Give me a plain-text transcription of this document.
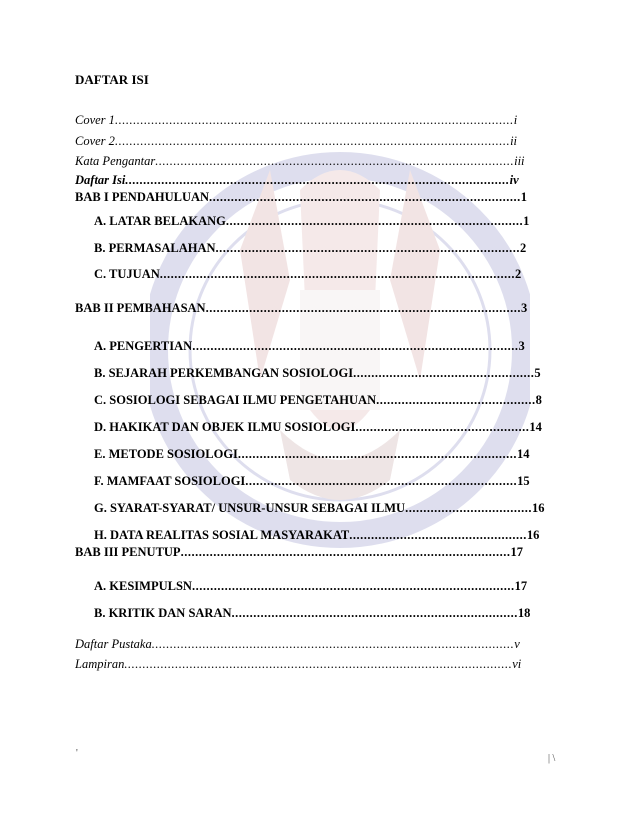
DAFTAR ISI
Cover 1..............................................................................................................i
Cover 2.............................................................................................................ii
Kata Pengantar...................................................................................................iii
Daftar Isi..........................................................................................................iv
BAB I PENDAHULUAN......................................................................................1
A. LATAR BELAKANG..................................................................................1
B. PERMASALAHAN....................................................................................2
C. TUJUAN..................................................................................................2
BAB II PEMBAHASAN.......................................................................................3
A. PENGERTIAN..........................................................................................3
B. SEJARAH PERKEMBANGAN SOSIOLOGI..................................................5
C. SOSIOLOGI SEBAGAI ILMU PENGETAHUAN............................................8
D. HAKIKAT DAN OBJEK ILMU SOSIOLOGI................................................14
E. METODE SOSIOLOGI.............................................................................14
F. MAMFAAT SOSIOLOGI...........................................................................15
G. SYARAT-SYARAT/ UNSUR-UNSUR SEBAGAI ILMU...................................16
H. DATA REALITAS SOSIAL MASYARAKAT.................................................16
BAB III PENUTUP...........................................................................................17
A. KESIMPULSN.........................................................................................17
B. KRITIK DAN SARAN...............................................................................18
Daftar Pustaka....................................................................................................v
Lampiran...........................................................................................................vi
'	| \
